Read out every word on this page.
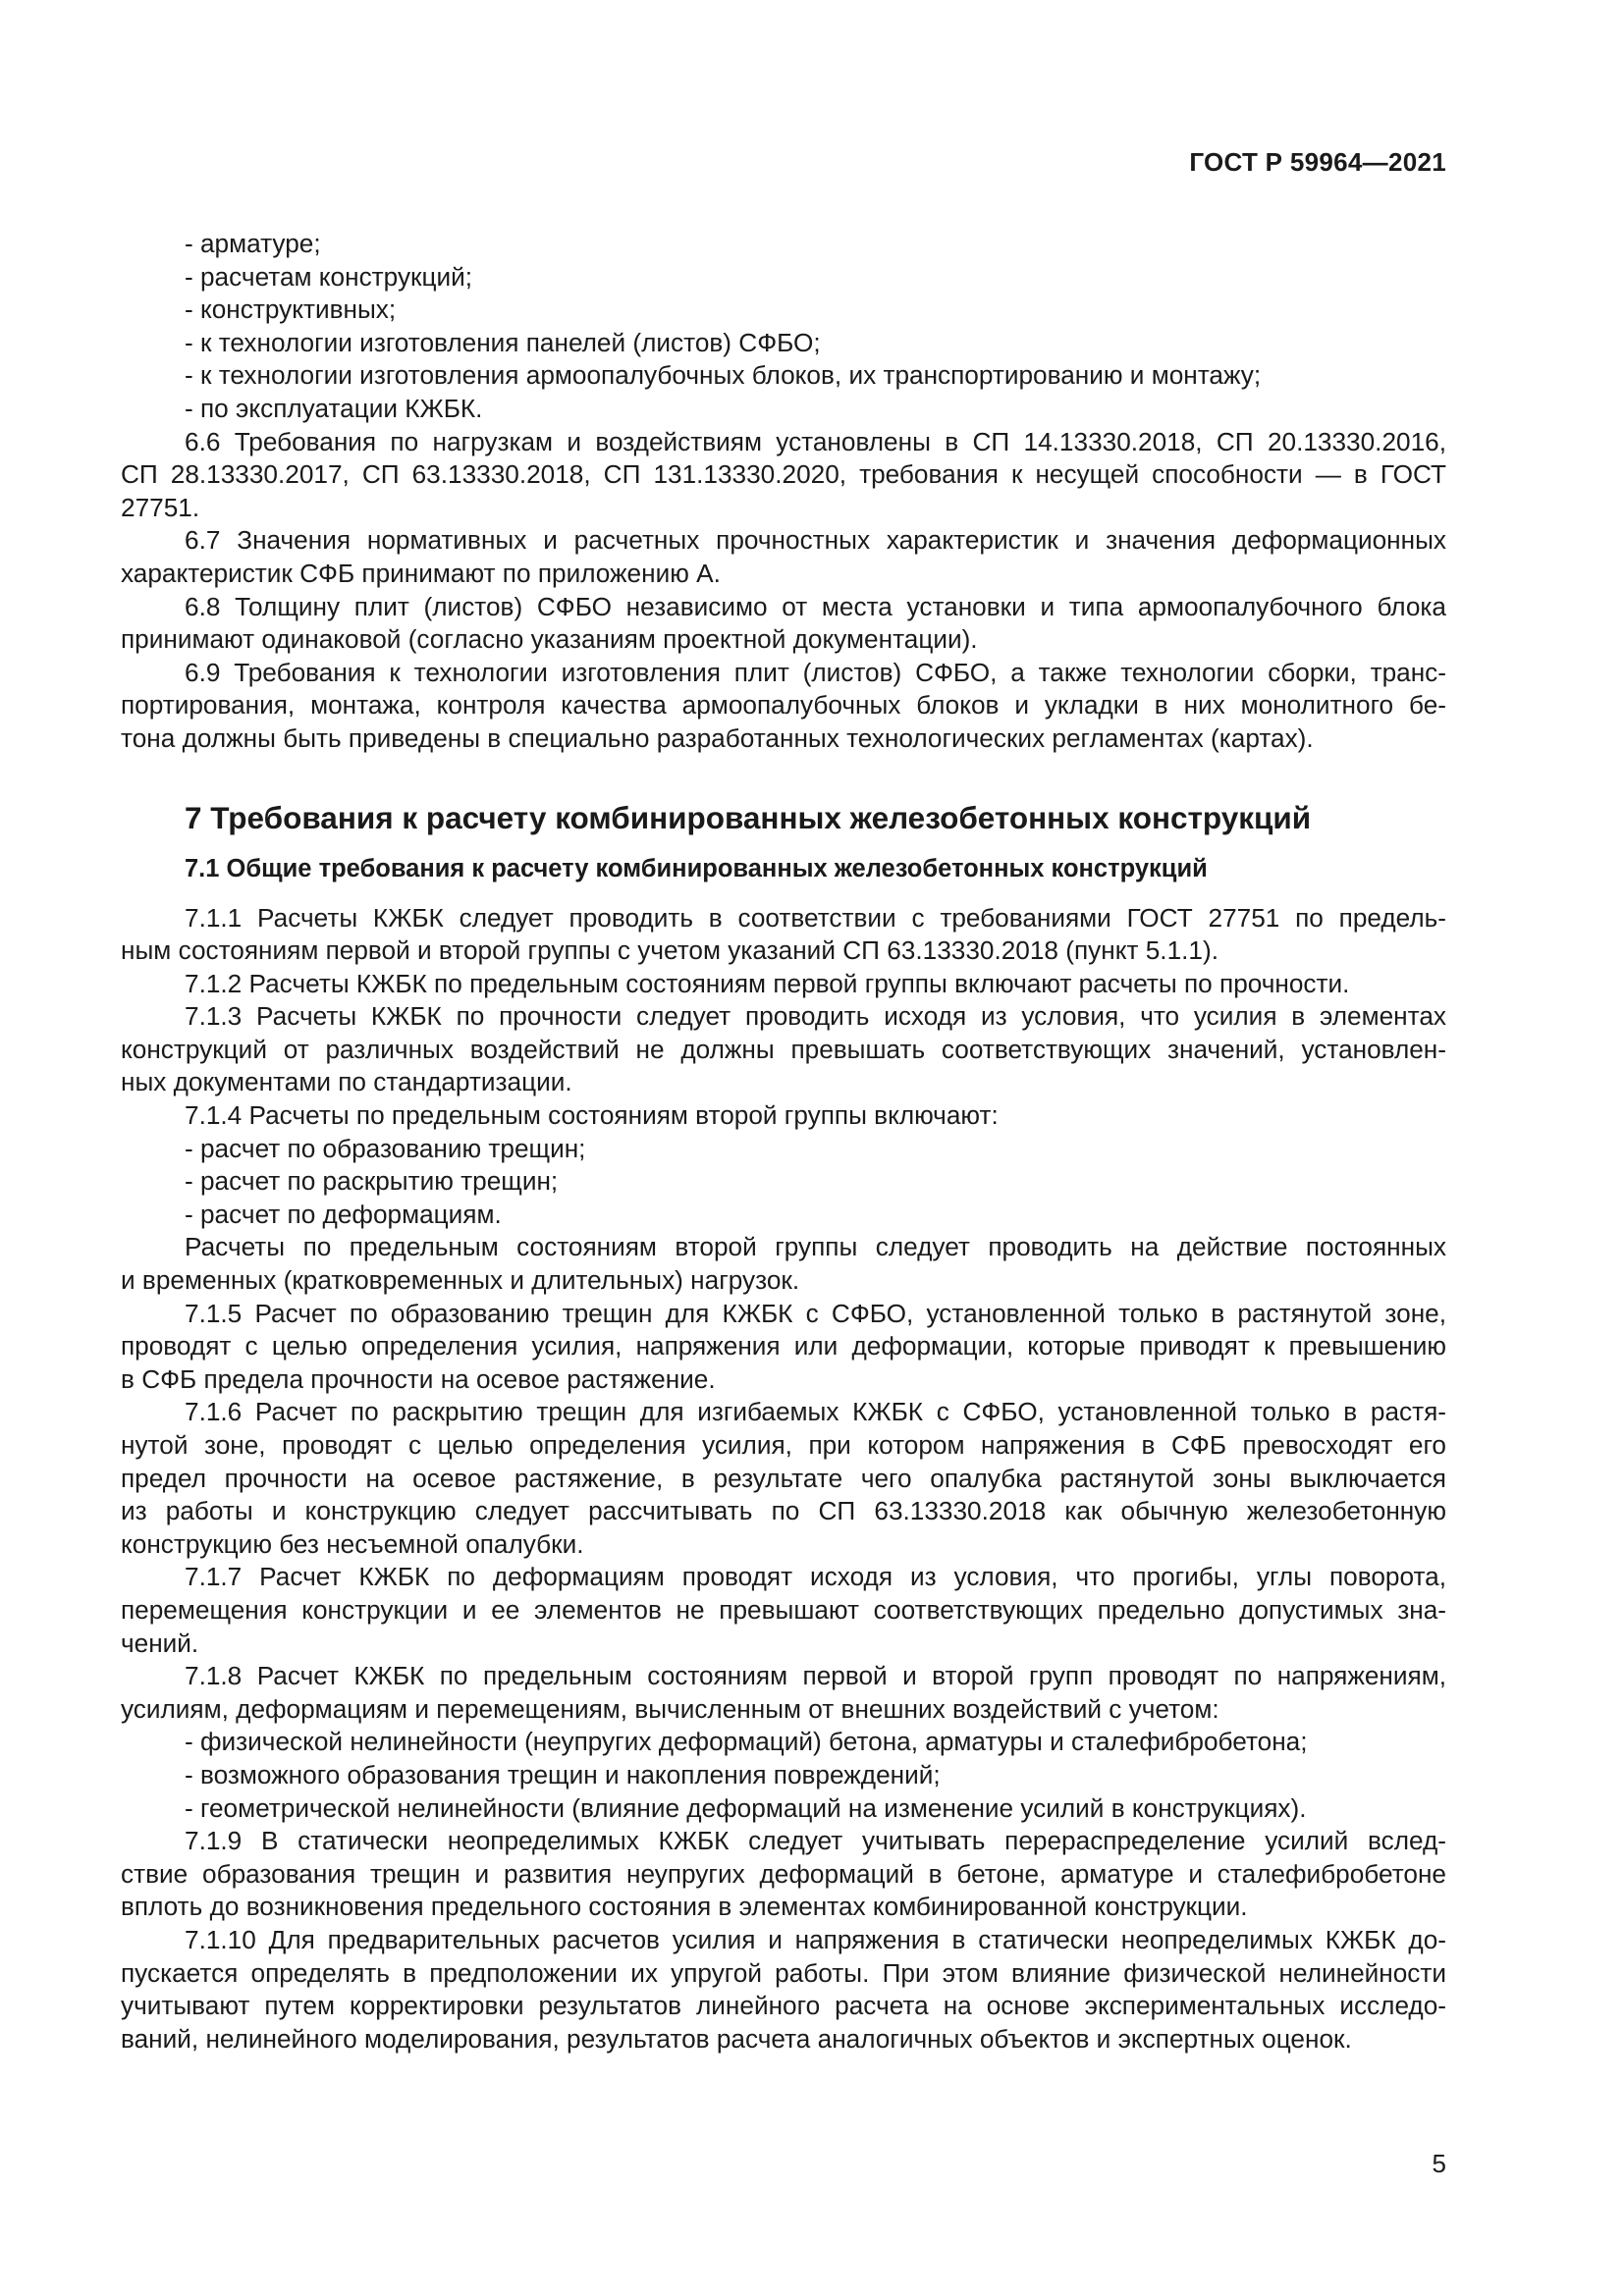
ГОСТ Р 59964—2021

- арматуре;

- расчетам конструкций;

- конструктивных;

- к технологии изготовления панелей (листов) СФБО;

- к технологии изготовления армоопалубочных блоков, их транспортированию и монтажу;

- по эксплуатации КЖБК.

6.6 Требования по нагрузкам и воздействиям установлены в СП 14.13330.2018, СП 20.13330.2016,

СП 28.13330.2017, СП 63.13330.2018, СП 131.13330.2020, требования к несущей способности — в ГОСТ

27751.

6.7 Значения нормативных и расчетных прочностных характеристик и значения деформационных

характеристик СФБ принимают по приложению А.

6.8 Толщину плит (листов) СФБО независимо от места установки и типа армоопалубочного блока

принимают одинаковой (согласно указаниям проектной документации).

6.9 Требования к технологии изготовления плит (листов) СФБО, а также технологии сборки, транс-

портирования, монтажа, контроля качества армоопалубочных блоков и укладки в них монолитного бе-

тона должны быть приведены в специально разработанных технологических регламентах (картах).

7 Требования к расчету комбинированных железобетонных конструкций
7.1 Общие требования к расчету комбинированных железобетонных конструкций

7.1.1 Расчеты КЖБК следует проводить в соответствии с требованиями ГОСТ 27751 по предель-

ным состояниям первой и второй группы с учетом указаний СП 63.13330.2018 (пункт 5.1.1).

7.1.2 Расчеты КЖБК по предельным состояниям первой группы включают расчеты по прочности.

7.1.3 Расчеты КЖБК по прочности следует проводить исходя из условия, что усилия в элементах

конструкций от различных воздействий не должны превышать соответствующих значений, установлен-

ных документами по стандартизации.

7.1.4 Расчеты по предельным состояниям второй группы включают:

- расчет по образованию трещин;

- расчет по раскрытию трещин;

- расчет по деформациям.

Расчеты по предельным состояниям второй группы следует проводить на действие постоянных

и временных (кратковременных и длительных) нагрузок.

7.1.5 Расчет по образованию трещин для КЖБК с СФБО, установленной только в растянутой зоне,

проводят с целью определения усилия, напряжения или деформации, которые приводят к превышению

в СФБ предела прочности на осевое растяжение.

7.1.6 Расчет по раскрытию трещин для изгибаемых КЖБК с СФБО, установленной только в растя-

нутой зоне, проводят с целью определения усилия, при котором напряжения в СФБ превосходят его

предел прочности на осевое растяжение, в результате чего опалубка растянутой зоны выключается

из работы и конструкцию следует рассчитывать по СП 63.13330.2018 как обычную железобетонную

конструкцию без несъемной опалубки.

7.1.7 Расчет КЖБК по деформациям проводят исходя из условия, что прогибы, углы поворота,

перемещения конструкции и ее элементов не превышают соответствующих предельно допустимых зна-

чений.

7.1.8 Расчет КЖБК по предельным состояниям первой и второй групп проводят по напряжениям,

усилиям, деформациям и перемещениям, вычисленным от внешних воздействий с учетом:

- физической нелинейности (неупругих деформаций) бетона, арматуры и сталефибробетона;

- возможного образования трещин и накопления повреждений;

- геометрической нелинейности (влияние деформаций на изменение усилий в конструкциях).

7.1.9 В статически неопределимых КЖБК следует учитывать перераспределение усилий вслед-

ствие образования трещин и развития неупругих деформаций в бетоне, арматуре и сталефибробетоне

вплоть до возникновения предельного состояния в элементах комбинированной конструкции.

7.1.10 Для предварительных расчетов усилия и напряжения в статически неопределимых КЖБК до-

пускается определять в предположении их упругой работы. При этом влияние физической нелинейности

учитывают путем корректировки результатов линейного расчета на основе экспериментальных исследо-

ваний, нелинейного моделирования, результатов расчета аналогичных объектов и экспертных оценок.

5
